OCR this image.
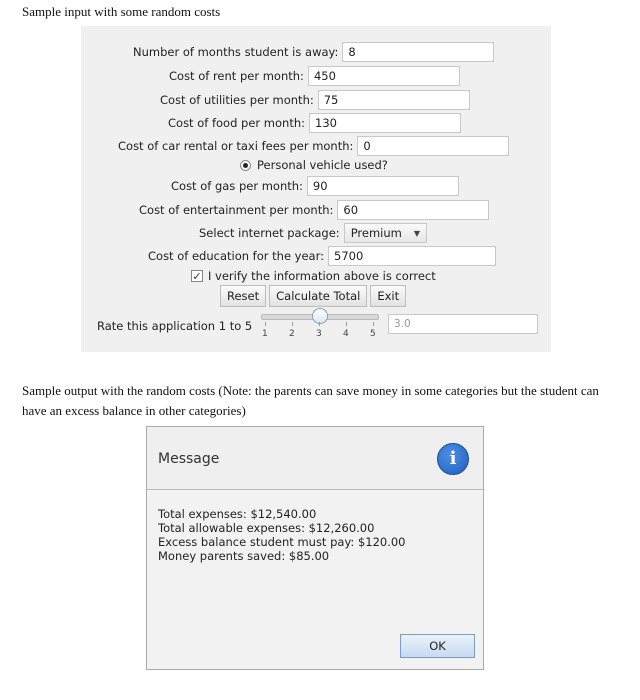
Sample input with some random costs
Number of months student is away: 8
Cost of rent per month: 450
Cost of utilities per month: 75
Cost of food per month: 130
Cost of car rental or taxi fees per month: 0
Personal vehicle used?
Cost of gas per month: 90
Cost of entertainment per month: 60
Select internet package: Premium ▼
Cost of education for the year: 5700
✓ I verify the information above is correct
Reset	Calculate Total	Exit
Rate this application 1 to 5
1 2 3 4 5
3.0
Sample output with the random costs (Note: the parents can save money in some categories but the student can have an excess balance in other categories)
Message	i
Total expenses: $12,540.00
Total allowable expenses: $12,260.00
Excess balance student must pay: $120.00
Money parents saved: $85.00
OK
